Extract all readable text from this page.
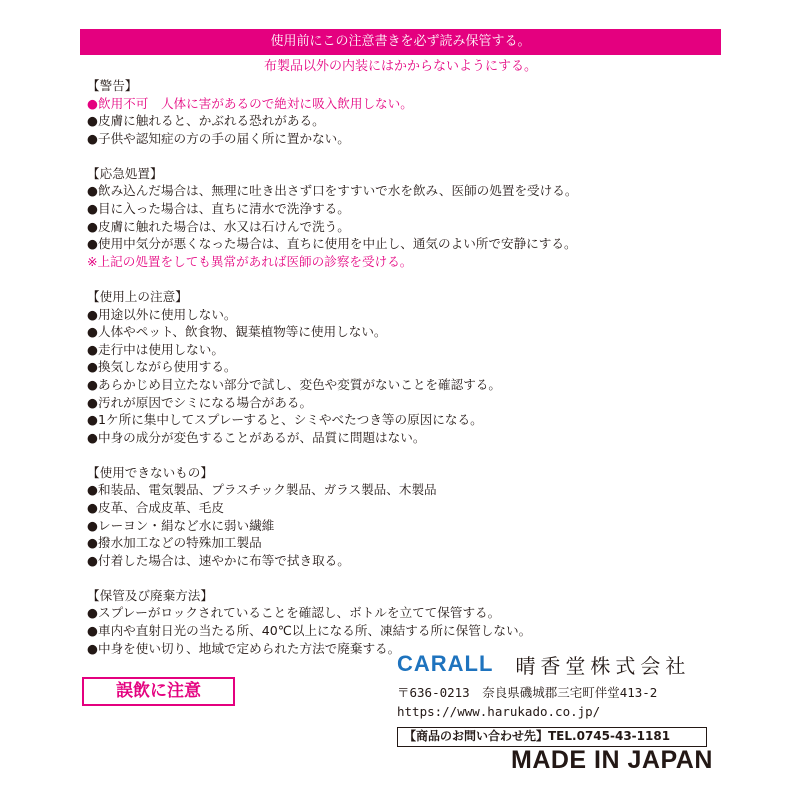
使用前にこの注意書きを必ず読み保管する。
布製品以外の内装にはかからないようにする。
【警告】
●飲用不可　人体に害があるので絶対に吸入飲用しない。
●皮膚に触れると、かぶれる恐れがある。
●子供や認知症の方の手の届く所に置かない。
【応急処置】
●飲み込んだ場合は、無理に吐き出さず口をすすいで水を飲み、医師の処置を受ける。
●目に入った場合は、直ちに清水で洗浄する。
●皮膚に触れた場合は、水又は石けんで洗う。
●使用中気分が悪くなった場合は、直ちに使用を中止し、通気のよい所で安静にする。
※上記の処置をしても異常があれば医師の診察を受ける。
【使用上の注意】
●用途以外に使用しない。
●人体やペット、飲食物、観葉植物等に使用しない。
●走行中は使用しない。
●換気しながら使用する。
●あらかじめ目立たない部分で試し、変色や変質がないことを確認する。
●汚れが原因でシミになる場合がある。
●1ケ所に集中してスプレーすると、シミやべたつき等の原因になる。
●中身の成分が変色することがあるが、品質に問題はない。
【使用できないもの】
●和装品、電気製品、プラスチック製品、ガラス製品、木製品
●皮革、合成皮革、毛皮
●レーヨン・絹など水に弱い繊維
●撥水加工などの特殊加工製品
●付着した場合は、速やかに布等で拭き取る。
【保管及び廃棄方法】
●スプレーがロックされていることを確認し、ボトルを立てて保管する。
●車内や直射日光の当たる所、40℃以上になる所、凍結する所に保管しない。
●中身を使い切り、地域で定められた方法で廃棄する。
誤飲に注意
CARALL 晴香堂株式会社
〒636-0213　奈良県磯城郡三宅町伴堂413-2
https://www.harukado.co.jp/
【商品のお問い合わせ先】TEL.0745-43-1181
MADE IN JAPAN
